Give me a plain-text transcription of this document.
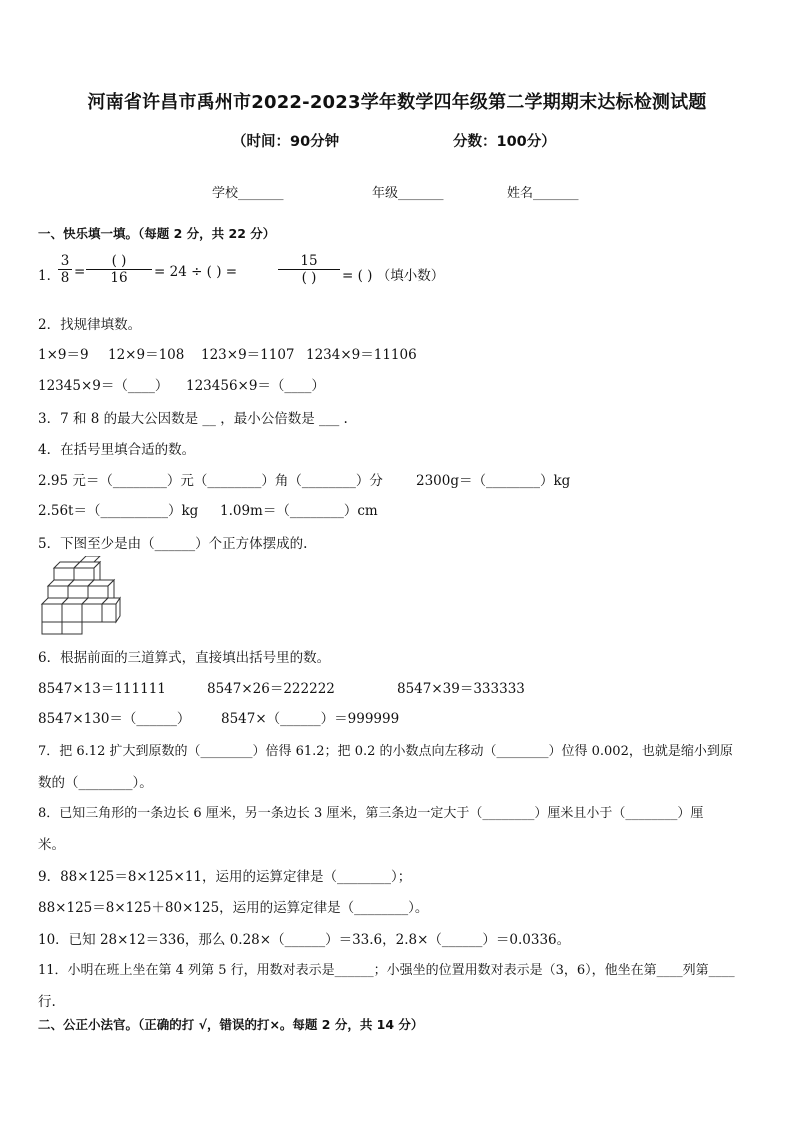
河南省许昌市禹州市2022-2023学年数学四年级第二学期期末达标检测试题
（时间：90分钟	分数：100分）
学校_______	年级_______	姓名_______
一、快乐填一填。（每题 2 分，共 22 分）
1．
$\frac{3}{8}$ =
( )
16	= 24 ÷ ( ) =
15
( )	= ( ) （填小数）
2．找规律填数。
1×9＝9 12×9＝108 123×9＝1107 1234×9＝11106
12345×9＝（____） 123456×9＝（____）
3．7 和 8 的最大公因数是 __ ，最小公倍数是 ___ .
4．在括号里填合适的数。
2.95 元＝（________）元（________）角（________）分 2300g＝（________）kg
2.56t＝（__________）kg 1.09m＝（________）cm
5．下图至少是由（______）个正方体摆成的.
6．根据前面的三道算式，直接填出括号里的数。
8547×13＝111111	8547×26＝222222	8547×39＝333333
8547×130＝（______） 8547×（______）＝999999
7．把 6.12 扩大到原数的（________）倍得 61.2；把 0.2 的小数点向左移动（________）位得 0.002，也就是缩小到原
数的（________）。
8．已知三角形的一条边长 6 厘米，另一条边长 3 厘米，第三条边一定大于（________）厘米且小于（________）厘
米。
9．88×125＝8×125×11，运用的运算定律是（________）；
88×125＝8×125＋80×125，运用的运算定律是（________）。
10．已知 28×12＝336，那么 0.28×（______）＝33.6，2.8×（______）＝0.0336。
11．小明在班上坐在第 4 列第 5 行，用数对表示是______；小强坐的位置用数对表示是（3，6），他坐在第____列第____
行.
二、公正小法官。（正确的打 √，错误的打×。每题 2 分，共 14 分）
